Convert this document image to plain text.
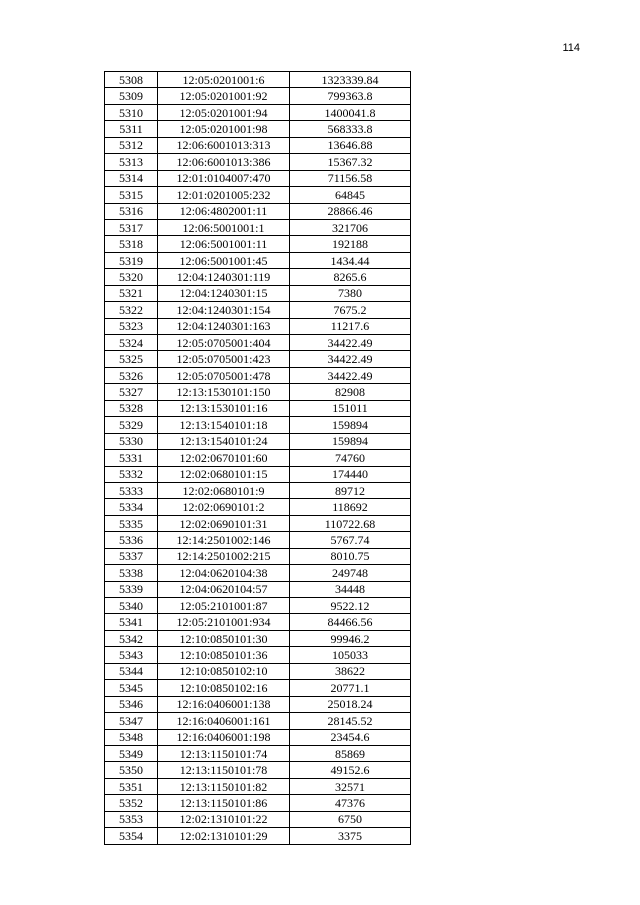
114
5308	12:05:0201001:6	1323339.84
5309	12:05:0201001:92	799363.8
5310	12:05:0201001:94	1400041.8
5311	12:05:0201001:98	568333.8
5312	12:06:6001013:313	13646.88
5313	12:06:6001013:386	15367.32
5314	12:01:0104007:470	71156.58
5315	12:01:0201005:232	64845
5316	12:06:4802001:11	28866.46
5317	12:06:5001001:1	321706
5318	12:06:5001001:11	192188
5319	12:06:5001001:45	1434.44
5320	12:04:1240301:119	8265.6
5321	12:04:1240301:15	7380
5322	12:04:1240301:154	7675.2
5323	12:04:1240301:163	11217.6
5324	12:05:0705001:404	34422.49
5325	12:05:0705001:423	34422.49
5326	12:05:0705001:478	34422.49
5327	12:13:1530101:150	82908
5328	12:13:1530101:16	151011
5329	12:13:1540101:18	159894
5330	12:13:1540101:24	159894
5331	12:02:0670101:60	74760
5332	12:02:0680101:15	174440
5333	12:02:0680101:9	89712
5334	12:02:0690101:2	118692
5335	12:02:0690101:31	110722.68
5336	12:14:2501002:146	5767.74
5337	12:14:2501002:215	8010.75
5338	12:04:0620104:38	249748
5339	12:04:0620104:57	34448
5340	12:05:2101001:87	9522.12
5341	12:05:2101001:934	84466.56
5342	12:10:0850101:30	99946.2
5343	12:10:0850101:36	105033
5344	12:10:0850102:10	38622
5345	12:10:0850102:16	20771.1
5346	12:16:0406001:138	25018.24
5347	12:16:0406001:161	28145.52
5348	12:16:0406001:198	23454.6
5349	12:13:1150101:74	85869
5350	12:13:1150101:78	49152.6
5351	12:13:1150101:82	32571
5352	12:13:1150101:86	47376
5353	12:02:1310101:22	6750
5354	12:02:1310101:29	3375
